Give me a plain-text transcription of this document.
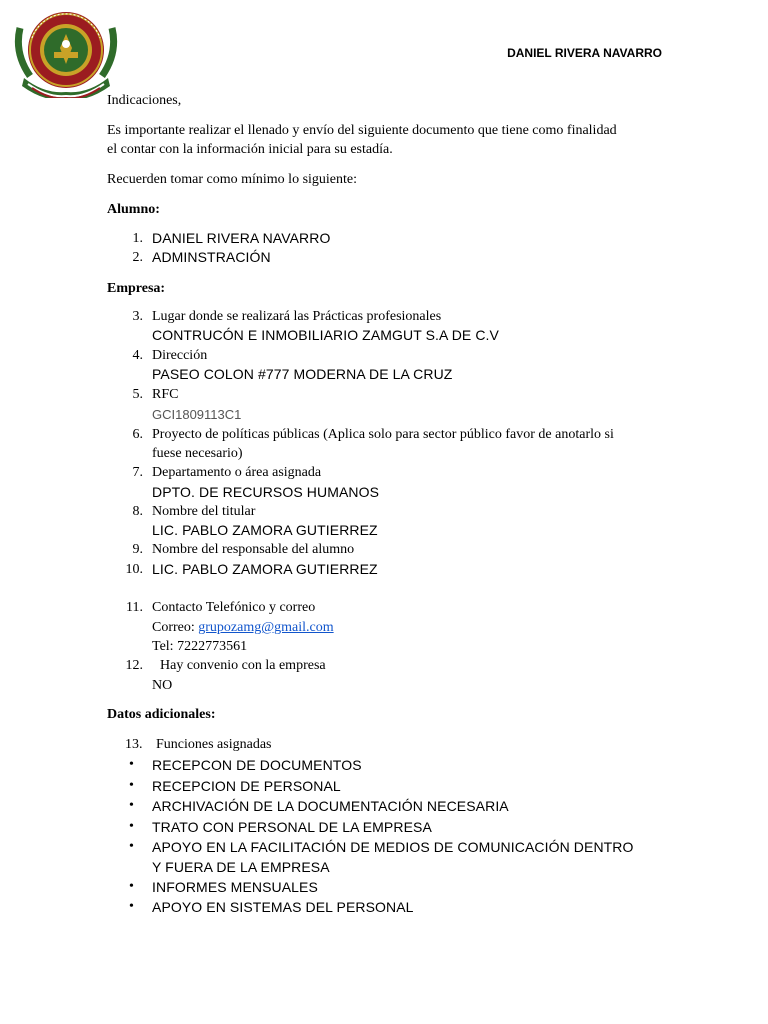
DANIEL RIVERA NAVARRO
Indicaciones,
Es importante realizar el llenado y envío del siguiente documento que tiene como finalidad
el contar con la información inicial para su estadía.
Recuerden tomar como mínimo lo siguiente:
Alumno:
1. DANIEL RIVERA NAVARRO
2. ADMINSTRACIÓN
Empresa:
3. Lugar donde se realizará las Prácticas profesionales
CONTRUCÓN E INMOBILIARIO ZAMGUT S.A DE C.V
4. Dirección
PASEO COLON #777 MODERNA DE LA CRUZ
5. RFC
GCI1809113C1
6. Proyecto de políticas públicas (Aplica solo para sector público favor de anotarlo si
fuese necesario)
7. Departamento o área asignada
DPTO. DE RECURSOS HUMANOS
8. Nombre del titular
LIC. PABLO ZAMORA GUTIERREZ
9. Nombre del responsable del alumno
10. LIC. PABLO ZAMORA GUTIERREZ
11. Contacto Telefónico y correo
Correo: grupozamg@gmail.com
Tel: 7222773561
12.	Hay convenio con la empresa
NO
Datos adicionales:
13. Funciones asignadas
• RECEPCON DE DOCUMENTOS
• RECEPCION DE PERSONAL
• ARCHIVACIÓN DE LA DOCUMENTACIÓN NECESARIA
• TRATO CON PERSONAL DE LA EMPRESA
• APOYO EN LA FACILITACIÓN DE MEDIOS DE COMUNICACIÓN DENTRO
Y FUERA DE LA EMPRESA
• INFORMES MENSUALES
• APOYO EN SISTEMAS DEL PERSONAL
